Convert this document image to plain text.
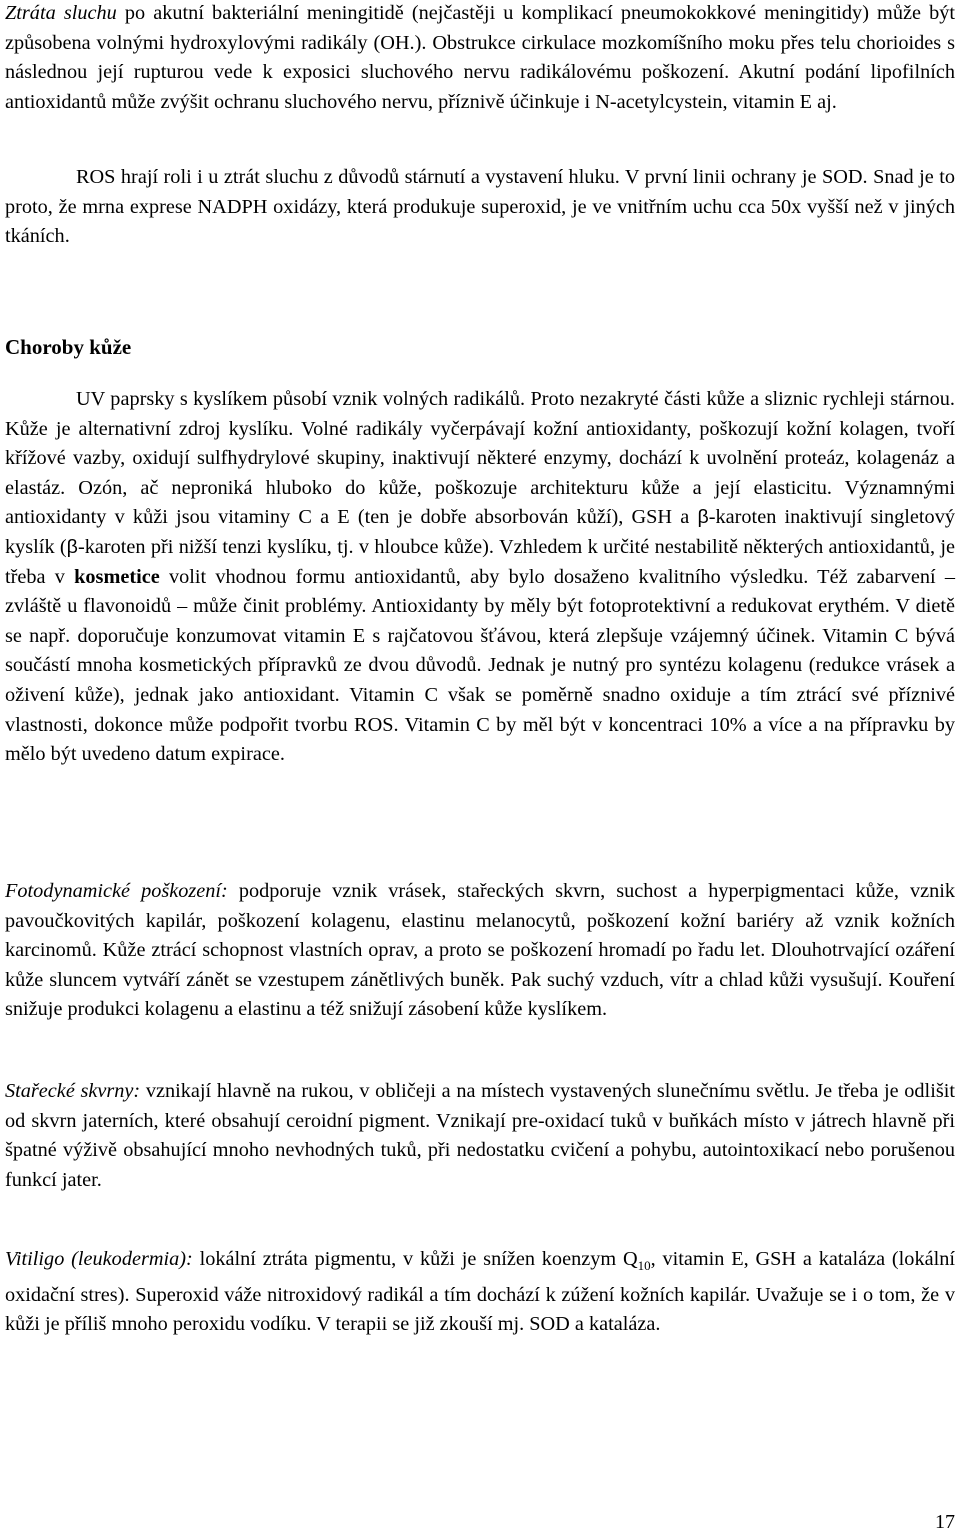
Ztráta sluchu po akutní bakteriální meningitidě (nejčastěji u komplikací pneumokokkové meningitidy) může být způsobena volnými hydroxylovými radikály (OH.). Obstrukce cirkulace mozkomíšního moku přes telu chorioides s následnou její rupturou vede k exposici sluchového nervu radikálovému poškození. Akutní podání lipofilních antioxidantů může zvýšit ochranu sluchového nervu, příznivě účinkuje i N-acetylcystein, vitamin E aj.

ROS hrají roli i u ztrát sluchu z důvodů stárnutí a vystavení hluku. V první linii ochrany je SOD. Snad je to proto, že mrna expresе NADPH oxidázy, která produkuje superoxid, je ve vnitřním uchu cca 50x vyšší než v jiných tkáních.

Choroby kůže

UV paprsky s kyslíkem působí vznik volných radikálů. Proto nezakryté části kůže a sliznic rychleji stárnou. Kůže je alternativní zdroj kyslíku. Volné radikály vyčerpávají kožní antioxidanty, poškozují kožní kolagen, tvoří křížové vazby, oxidují sulfhydrylové skupiny, inaktivují některé enzymy, dochází k uvolnění proteáz, kolagenáz a elastáz. Ozón, ač neproniká hluboko do kůže, poškozuje architekturu kůže a její elasticitu. Významnými antioxidanty v kůži jsou vitaminy C a E (ten je dobře absorbován kůží), GSH a β-karoten inaktivují singletový kyslík (β-karoten při nižší tenzi kyslíku, tj. v hloubce kůže). Vzhledem k určité nestabilitě některých antioxidantů, je třeba v kosmetice volit vhodnou formu antioxidantů, aby bylo dosaženo kvalitního výsledku. Též zabarvení – zvláště u flavonoidů – může činit problémy. Antioxidanty by měly být fotoprotektivní a redukovat erythém. V dietě se např. doporučuje konzumovat vitamin E s rajčatovou šťávou, která zlepšuje vzájemný účinek. Vitamin C bývá součástí mnoha kosmetických přípravků ze dvou důvodů. Jednak je nutný pro syntézu kolagenu (redukce vrásek a oživení kůže), jednak jako antioxidant. Vitamin C však se poměrně snadno oxiduje a tím ztrácí své příznivé vlastnosti, dokonce může podpořit tvorbu ROS. Vitamin C by měl být v koncentraci 10% a více a na přípravku by mělo být uvedeno datum expirace.

Fotodynamické poškození: podporuje vznik vrásek, stařeckých skvrn, suchost a hyperpigmentaci kůže, vznik pavoučkovitých kapilár, poškození kolagenu, elastinu melanocytů, poškození kožní bariéry až vznik kožních karcinomů. Kůže ztrácí schopnost vlastních oprav, a proto se poškození hromadí po řadu let. Dlouhotrvající ozáření kůže sluncem vytváří zánět se vzestupem zánětlivých buněk. Pak suchý vzduch, vítr a chlad kůži vysušují. Kouření snižuje produkci kolagenu a elastinu a též snižují zásobení kůže kyslíkem.

Stařecké skvrny: vznikají hlavně na rukou, v obličeji a na místech vystavených slunečnímu světlu. Je třeba je odlišit od skvrn jaterních, které obsahují ceroidní pigment. Vznikají pre-oxidací tuků v buňkách místo v játrech hlavně při špatné výživě obsahující mnoho nevhodných tuků, při nedostatku cvičení a pohybu, autointoxikací nebo porušenou funkcí jater.

Vitiligo (leukodermia): lokální ztráta pigmentu, v kůži je snížen koenzym $Q_{10}$, vitamin E, GSH a kataláza (lokální oxidační stres). Superoxid váže nitroxidový radikál a tím dochází k zúžení kožních kapilár. Uvažuje se i o tom, že v kůži je příliš mnoho peroxidu vodíku. V terapii se již zkouší mj. SOD a kataláza.

17
